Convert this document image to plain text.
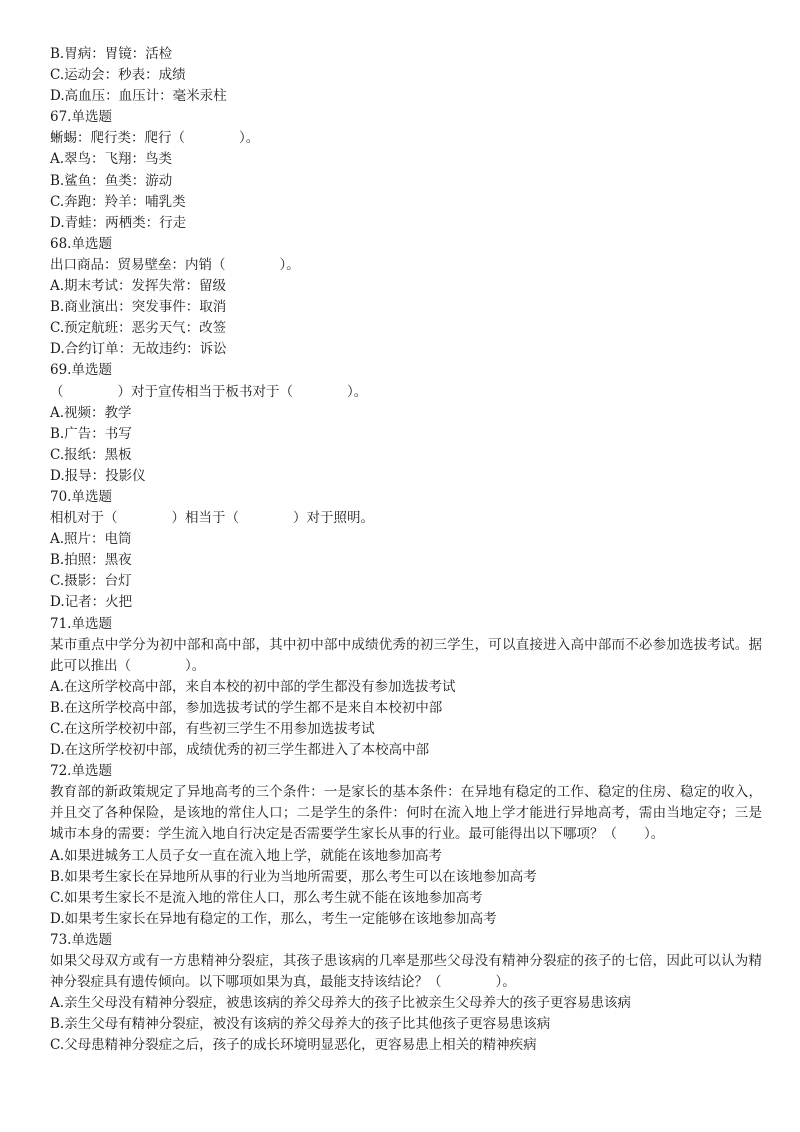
B.胃病：胃镜：活检

C.运动会：秒表：成绩

D.高血压：血压计：毫米汞柱

67.单选题

蜥蜴：爬行类：爬行（　　　　）。

A.翠鸟：飞翔：鸟类

B.鲨鱼：鱼类：游动

C.奔跑：羚羊：哺乳类

D.青蛙：两栖类：行走

68.单选题

出口商品：贸易壁垒：内销（　　　　）。

A.期末考试：发挥失常：留级

B.商业演出：突发事件：取消

C.预定航班：恶劣天气：改签

D.合约订单：无故违约：诉讼

69.单选题

（　　　　）对于宣传相当于板书对于（　　　　）。

A.视频：教学

B.广告：书写

C.报纸：黑板

D.报导：投影仪

70.单选题

相机对于（　　　　）相当于（　　　　）对于照明。

A.照片：电筒

B.拍照：黑夜

C.摄影：台灯

D.记者：火把

71.单选题

某市重点中学分为初中部和高中部，其中初中部中成绩优秀的初三学生，可以直接进入高中部而不必参加选拔考试。据此可以推出（　　　　）。

A.在这所学校高中部，来自本校的初中部的学生都没有参加选拔考试

B.在这所学校高中部，参加选拔考试的学生都不是来自本校初中部

C.在这所学校初中部，有些初三学生不用参加选拔考试

D.在这所学校初中部，成绩优秀的初三学生都进入了本校高中部

72.单选题

教育部的新政策规定了异地高考的三个条件：一是家长的基本条件：在异地有稳定的工作、稳定的住房、稳定的收入，并且交了各种保险，是该地的常住人口；二是学生的条件：何时在流入地上学才能进行异地高考，需由当地定夺；三是城市本身的需要：学生流入地自行决定是否需要学生家长从事的行业。最可能得出以下哪项？（　　）。

A.如果进城务工人员子女一直在流入地上学，就能在该地参加高考

B.如果考生家长在异地所从事的行业为当地所需要，那么考生可以在该地参加高考

C.如果考生家长不是流入地的常住人口，那么考生就不能在该地参加高考

D.如果考生家长在异地有稳定的工作，那么，考生一定能够在该地参加高考

73.单选题

如果父母双方或有一方患精神分裂症，其孩子患该病的几率是那些父母没有精神分裂症的孩子的七倍，因此可以认为精神分裂症具有遗传倾向。以下哪项如果为真，最能支持该结论？（　　　　）。

A.亲生父母没有精神分裂症，被患该病的养父母养大的孩子比被亲生父母养大的孩子更容易患该病

B.亲生父母有精神分裂症，被没有该病的养父母养大的孩子比其他孩子更容易患该病

C.父母患精神分裂症之后，孩子的成长环境明显恶化，更容易患上相关的精神疾病
